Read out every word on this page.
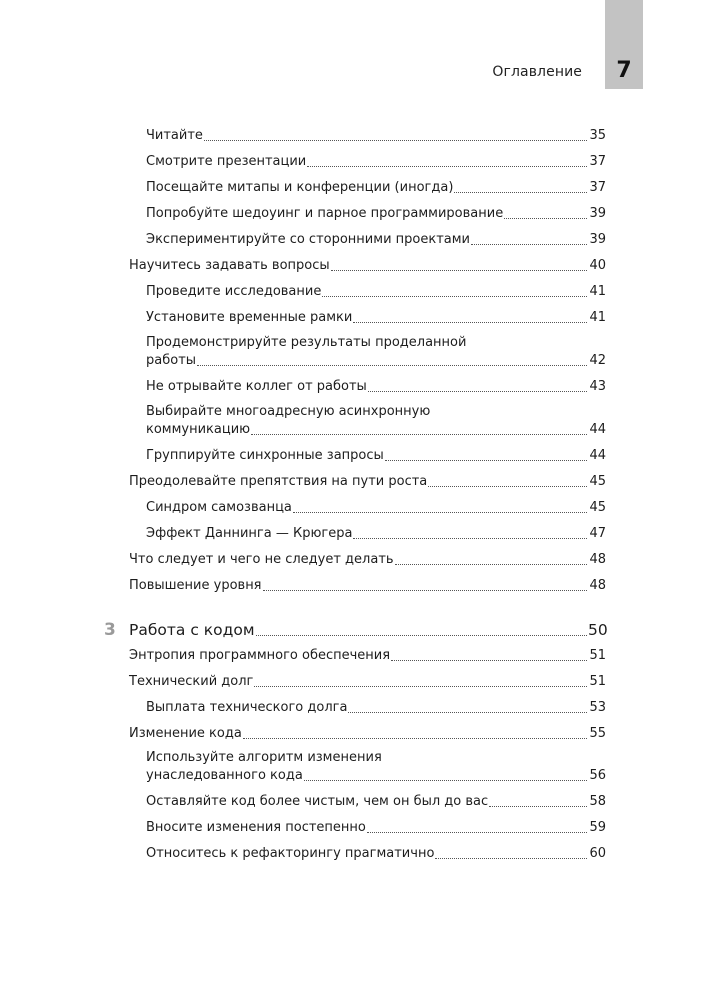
7
Оглавление
Читайте	35
Смотрите презентации	37
Посещайте митапы и конференции (иногда)	37
Попробуйте шедоуинг и парное программирование	39
Экспериментируйте со сторонними проектами	39
Научитесь задавать вопросы	40
Проведите исследование	41
Установите временные рамки	41
Продемонстрируйте результаты проделанной
работы	42
Не отрывайте коллег от работы	43
Выбирайте многоадресную асинхронную
коммуникацию	44
Группируйте синхронные запросы	44
Преодолевайте препятствия на пути роста	45
Синдром самозванца	45
Эффект Даннинга — Крюгера	47
Что следует и чего не следует делать	48
Повышение уровня	48
3 Работа с кодом	50
Энтропия программного обеспечения	51
Технический долг	51
Выплата технического долга	53
Изменение кода	55
Используйте алгоритм изменения
унаследованного кода	56
Оставляйте код более чистым, чем он был до вас	58
Вносите изменения постепенно	59
Относитесь к рефакторингу прагматично	60
